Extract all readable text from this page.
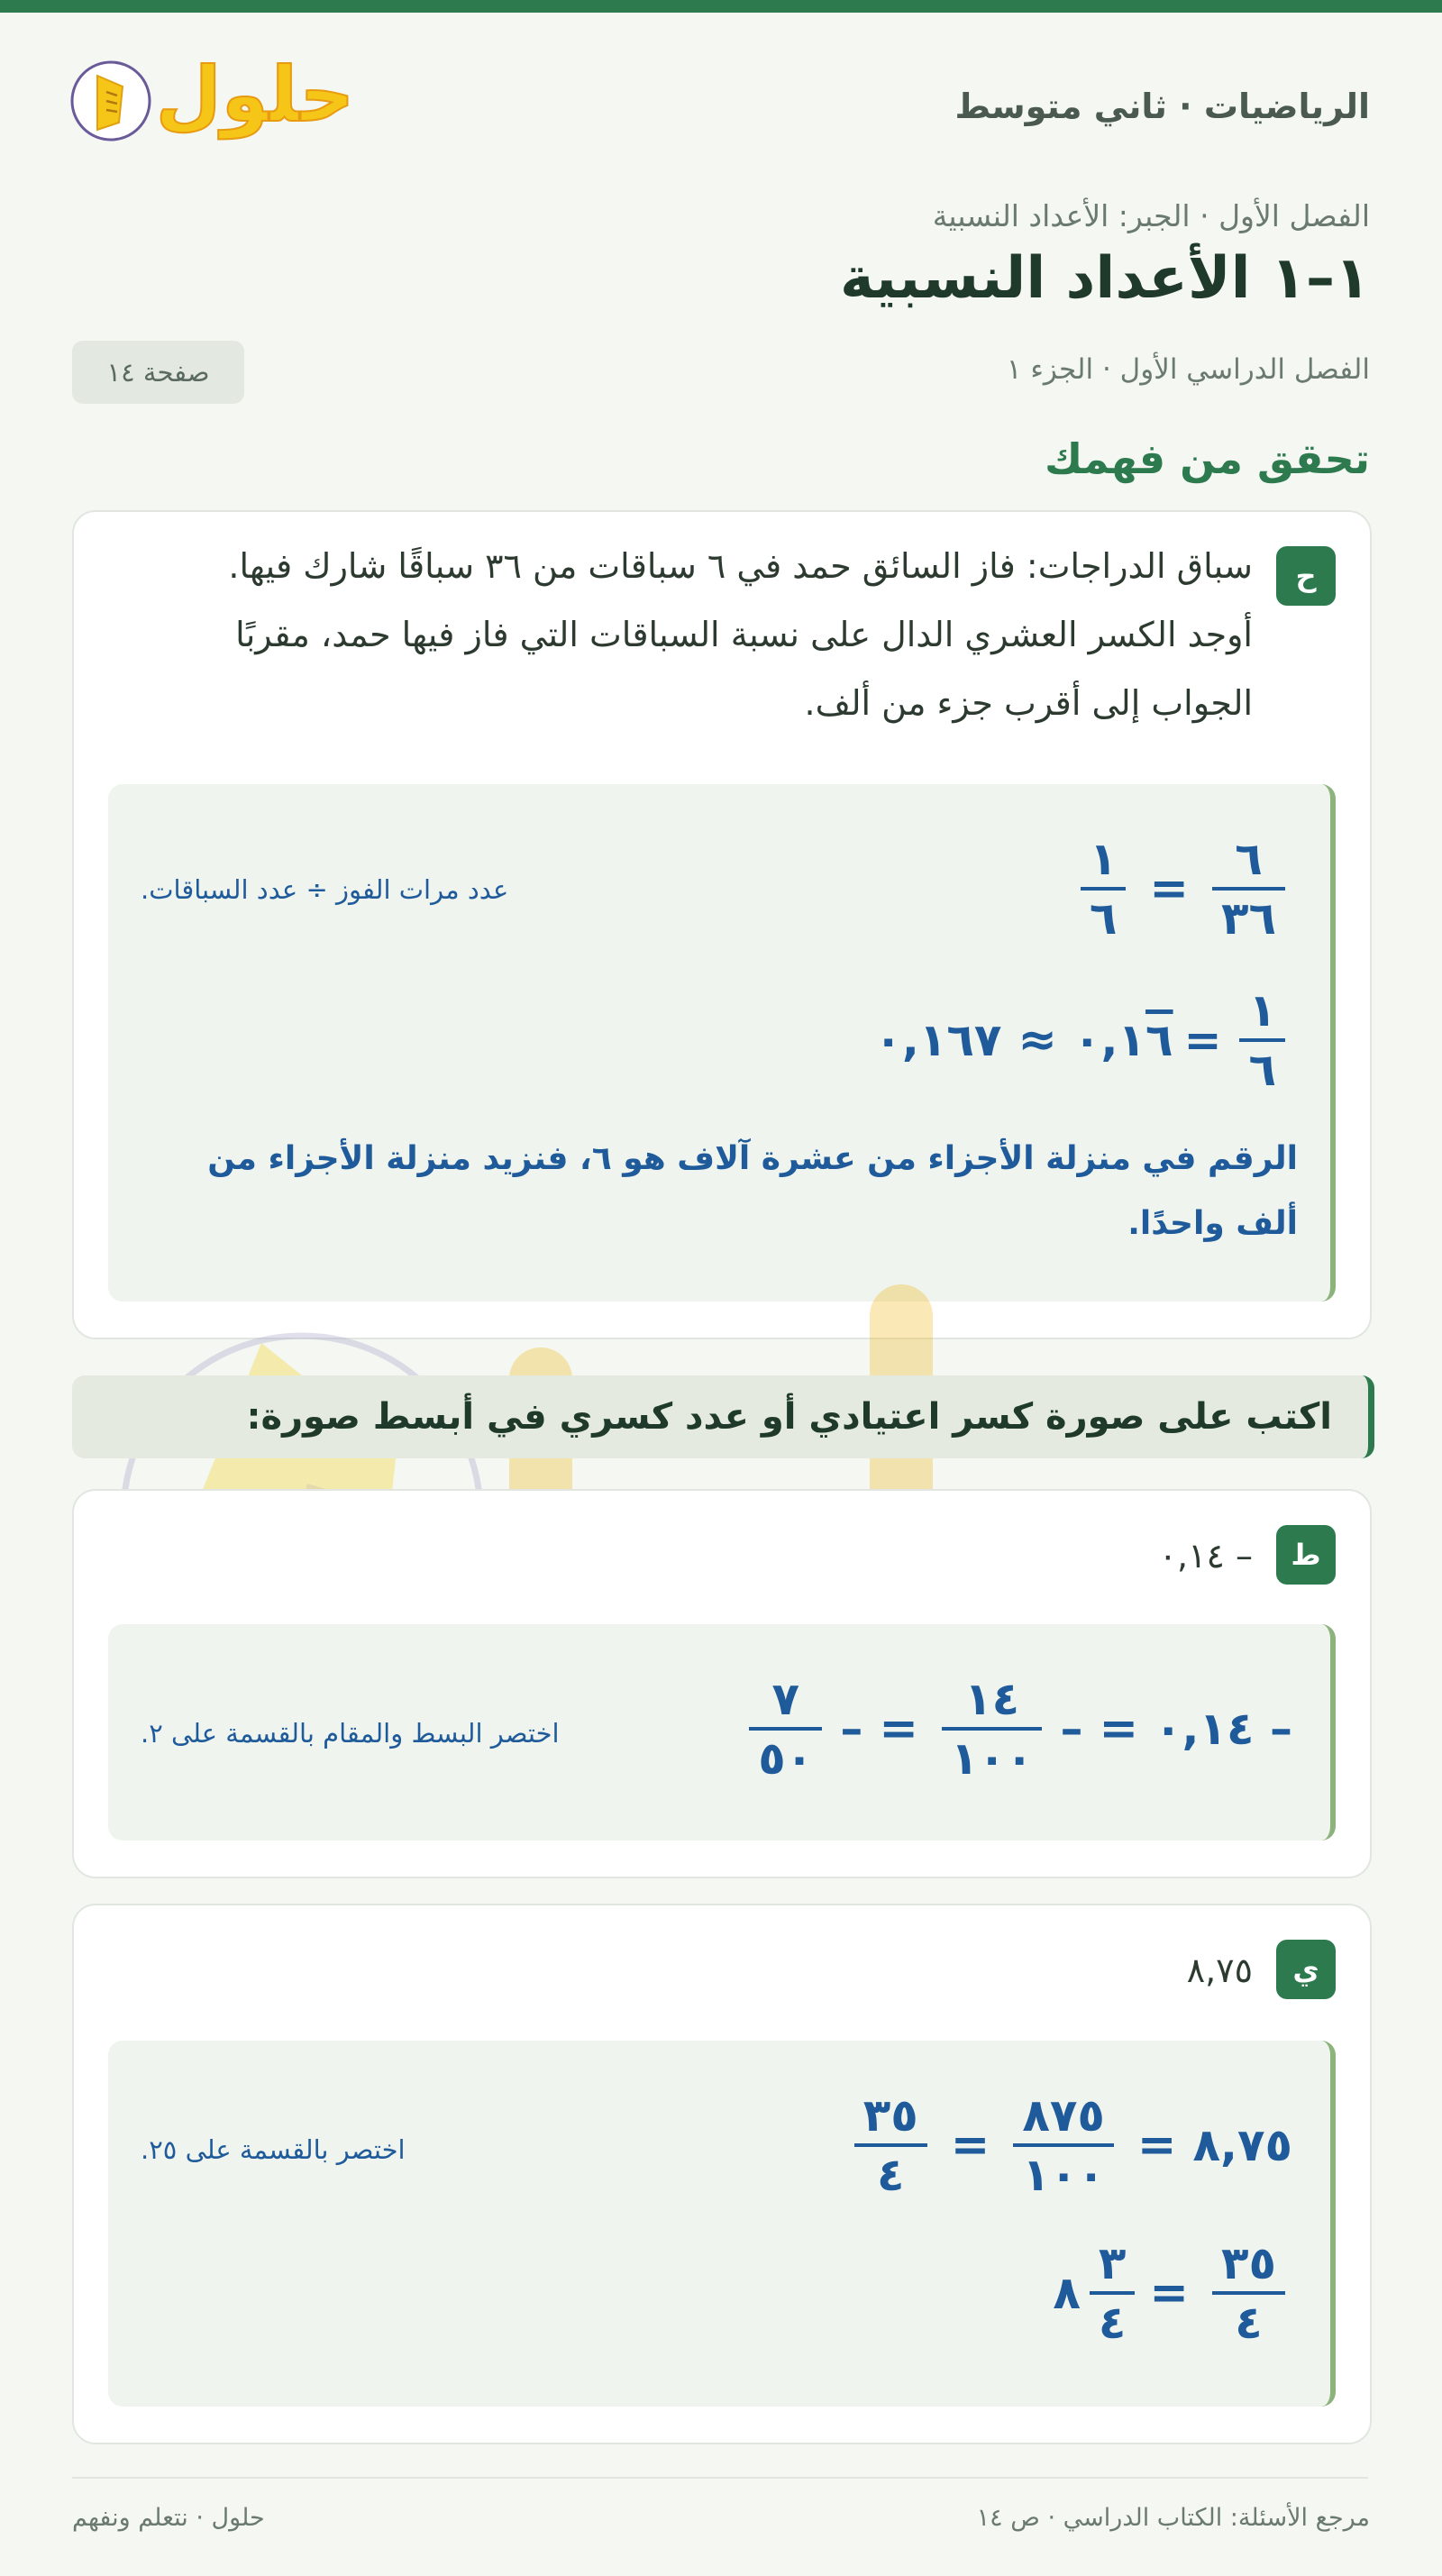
الرياضيات · ثاني متوسط
حلول
الفصل الأول · الجبر: الأعداد النسبية
١–١ الأعداد النسبية
الفصل الدراسي الأول · الجزء ١
صفحة ١٤
تحقق من فهمك
ح
سباق الدراجات: فاز السائق حمد في ٦ سباقات من ٣٦ سباقًا شارك فيها.
أوجد الكسر العشري الدال على نسبة السباقات التي فاز فيها حمد، مقربًا
الجواب إلى أقرب جزء من ألف.
$\frac{٦}{٣٦}$
=
$\frac{١}{٦}$
عدد مرات الفوز ÷ عدد السباقات.
$\frac{١}{٦}$
=
٠,١٦
≈
٠,١٦٧
الرقم في منزلة الأجزاء من عشرة آلاف هو ٦، فنزيد منزلة الأجزاء من ألف واحدًا.
اكتب على صورة كسر اعتيادي أو عدد كسري في أبسط صورة:
ط
– ٠,١٤
– ٠,١٤
=
–
$\frac{١٤}{١٠٠}$
=
–
$\frac{٧}{٥٠}$
اختصر البسط والمقام بالقسمة على ٢.
ي
٨,٧٥
٨,٧٥
=
$\frac{٨٧٥}{١٠٠}$
=
$\frac{٣٥}{٤}$
اختصر بالقسمة على ٢٥.
$\frac{٣٥}{٤}$
=
$\frac{٣}{٤}$
٨
مرجع الأسئلة: الكتاب الدراسي · ص ١٤
حلول · نتعلم ونفهم
